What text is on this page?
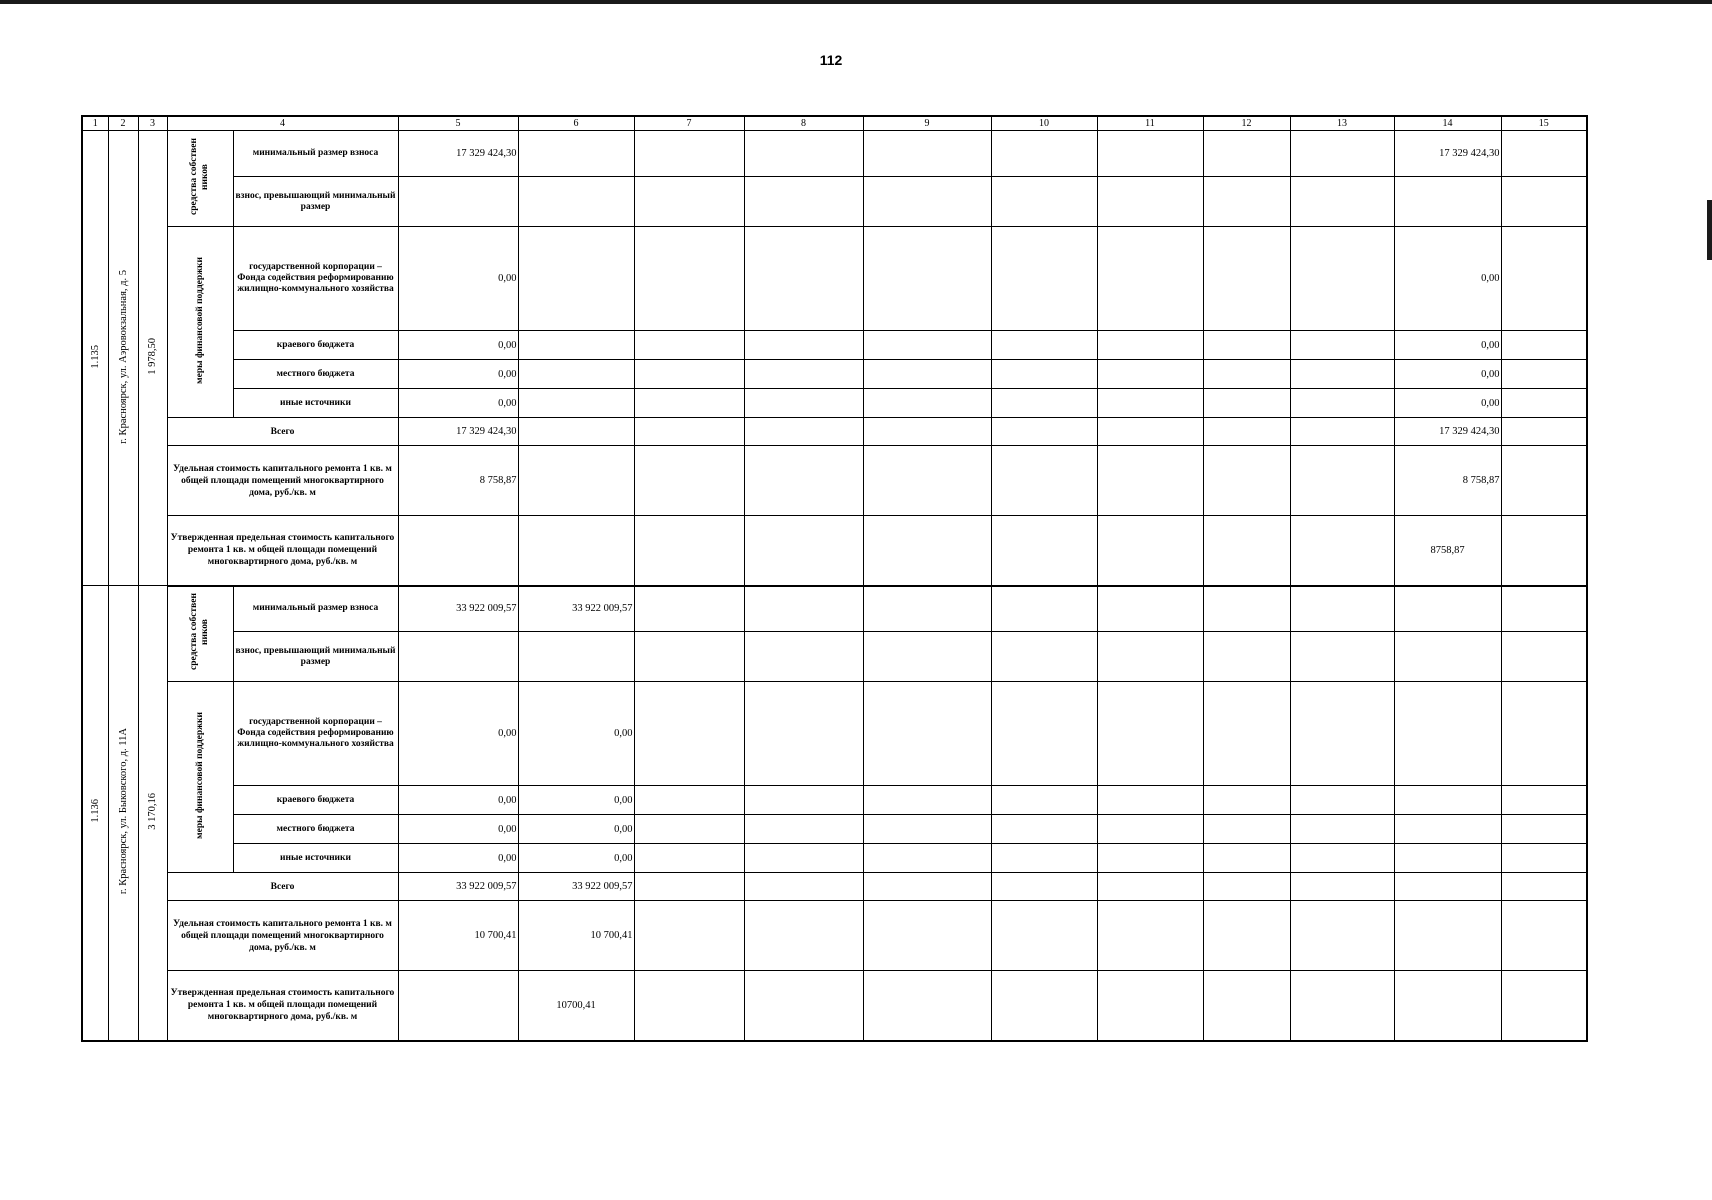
112
1	2	3	4		5	6	7	8	9	10	11	12	13	14	15
1.135	г. Красноярск, ул. Аэровокзальная, д. 5	1 978,50	средства собствен ников	минимальный размер взноса	17 329 424,30									17 329 424,30	
				взнос, превышающий минимальный размер											
			меры финансовой поддержки	государственной корпорации – Фонда содействия реформированию жилищно-коммунального хозяйства	0,00									0,00	
				краевого бюджета	0,00									0,00	
				местного бюджета	0,00									0,00	
				иные источники	0,00									0,00	
			Всего		17 329 424,30									17 329 424,30	
			Удельная стоимость капитального ремонта 1 кв. м общей площади помещений многоквартирного дома, руб./кв. м		8 758,87									8 758,87	
			Утвержденная предельная стоимость капитального ремонта 1 кв. м общей площади помещений многоквартирного дома, руб./кв. м											8758,87	
1.136	г. Красноярск, ул. Быковского, д. 11А	3 170,16	средства собствен ников	минимальный размер взноса	33 922 009,57	33 922 009,57									
				взнос, превышающий минимальный размер											
			меры финансовой поддержки	государственной корпорации – Фонда содействия реформированию жилищно-коммунального хозяйства	0,00	0,00									
				краевого бюджета	0,00	0,00									
				местного бюджета	0,00	0,00									
				иные источники	0,00	0,00									
			Всего		33 922 009,57	33 922 009,57									
			Удельная стоимость капитального ремонта 1 кв. м общей площади помещений многоквартирного дома, руб./кв. м		10 700,41	10 700,41									
			Утвержденная предельная стоимость капитального ремонта 1 кв. м общей площади помещений многоквартирного дома, руб./кв. м			10700,41									
